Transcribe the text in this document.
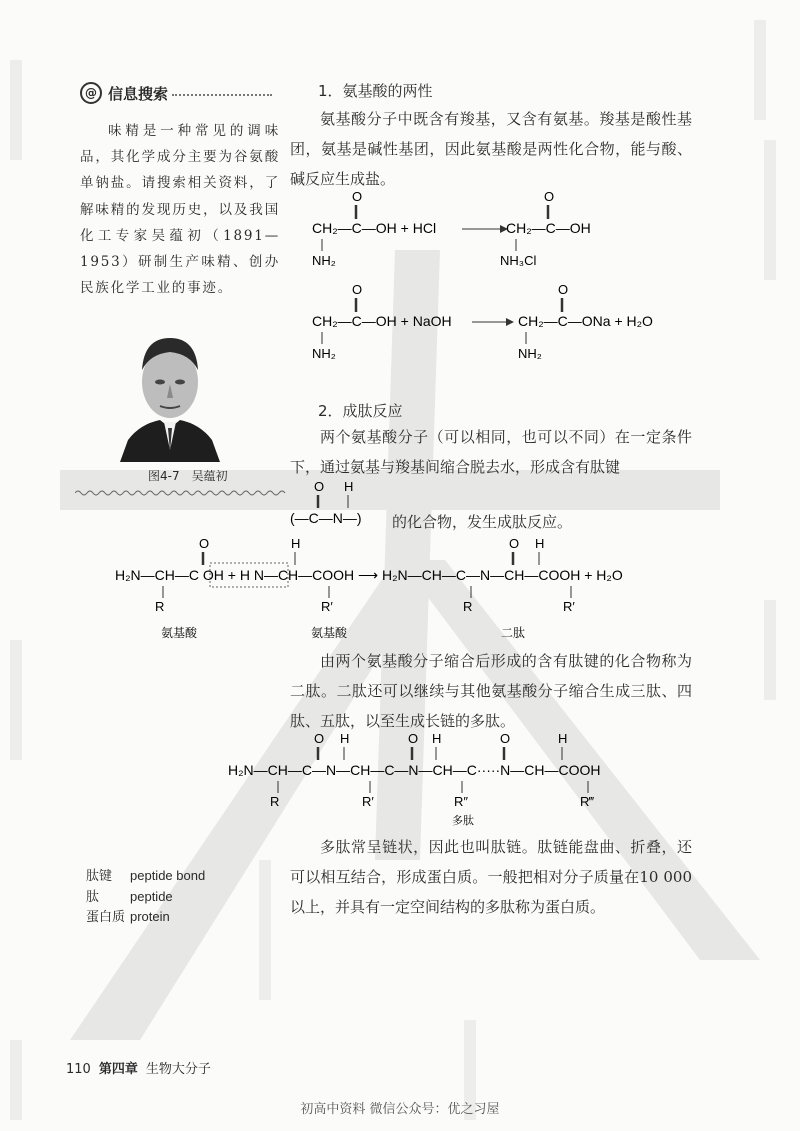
@ 信息搜索

味精是一种常见的调味品，其化学成分主要为谷氨酸单钠盐。请搜索相关资料，了解味精的发现历史，以及我国化工专家吴蕴初（1891—1953）研制生产味精、创办民族化学工业的事迹。

图4-7　吴蕴初
肽键 peptide bond
肽 peptide
蛋白质 protein
1．氨基酸的两性

氨基酸分子中既含有羧基，又含有氨基。羧基是酸性基团，氨基是碱性基团，因此氨基酸是两性化合物，能与酸、碱反应生成盐。

O
CH₂—C—OH + HCl
NH₂
O
CH₂—C—OH
NH₃Cl
O
CH₂—C—OH + NaOH
NH₂
O
CH₂—C—ONa + H₂O
NH₂
2．成肽反应

两个氨基酸分子（可以相同，也可以不同）在一定条件下，通过氨基与羧基间缩合脱去水，形成含有肽键

O H
(—C—N—) 的化合物，发生成肽反应。
O	H
H₂N—CH—C OH + H N—CH—COOH ⟶ H₂N—CH—C—N—CH—COOH + H₂O
R	R′
O H
R	R′
氨基酸	氨基酸	二肽

由两个氨基酸分子缩合后形成的含有肽键的化合物称为二肽。二肽还可以继续与其他氨基酸分子缩合生成三肽、四肽、五肽，以至生成长链的多肽。

O H	O H	O	H
H₂N—CH—C—N—CH—C—N—CH—C·····N—CH—COOH
R	R′	R″	R‴
多肽

多肽常呈链状，因此也叫肽链。肽链能盘曲、折叠，还可以相互结合，形成蛋白质。一般把相对分子质量在10 000以上，并具有一定空间结构的多肽称为蛋白质。

110 第四章 生物大分子
初高中资料 微信公众号：优之习屋
